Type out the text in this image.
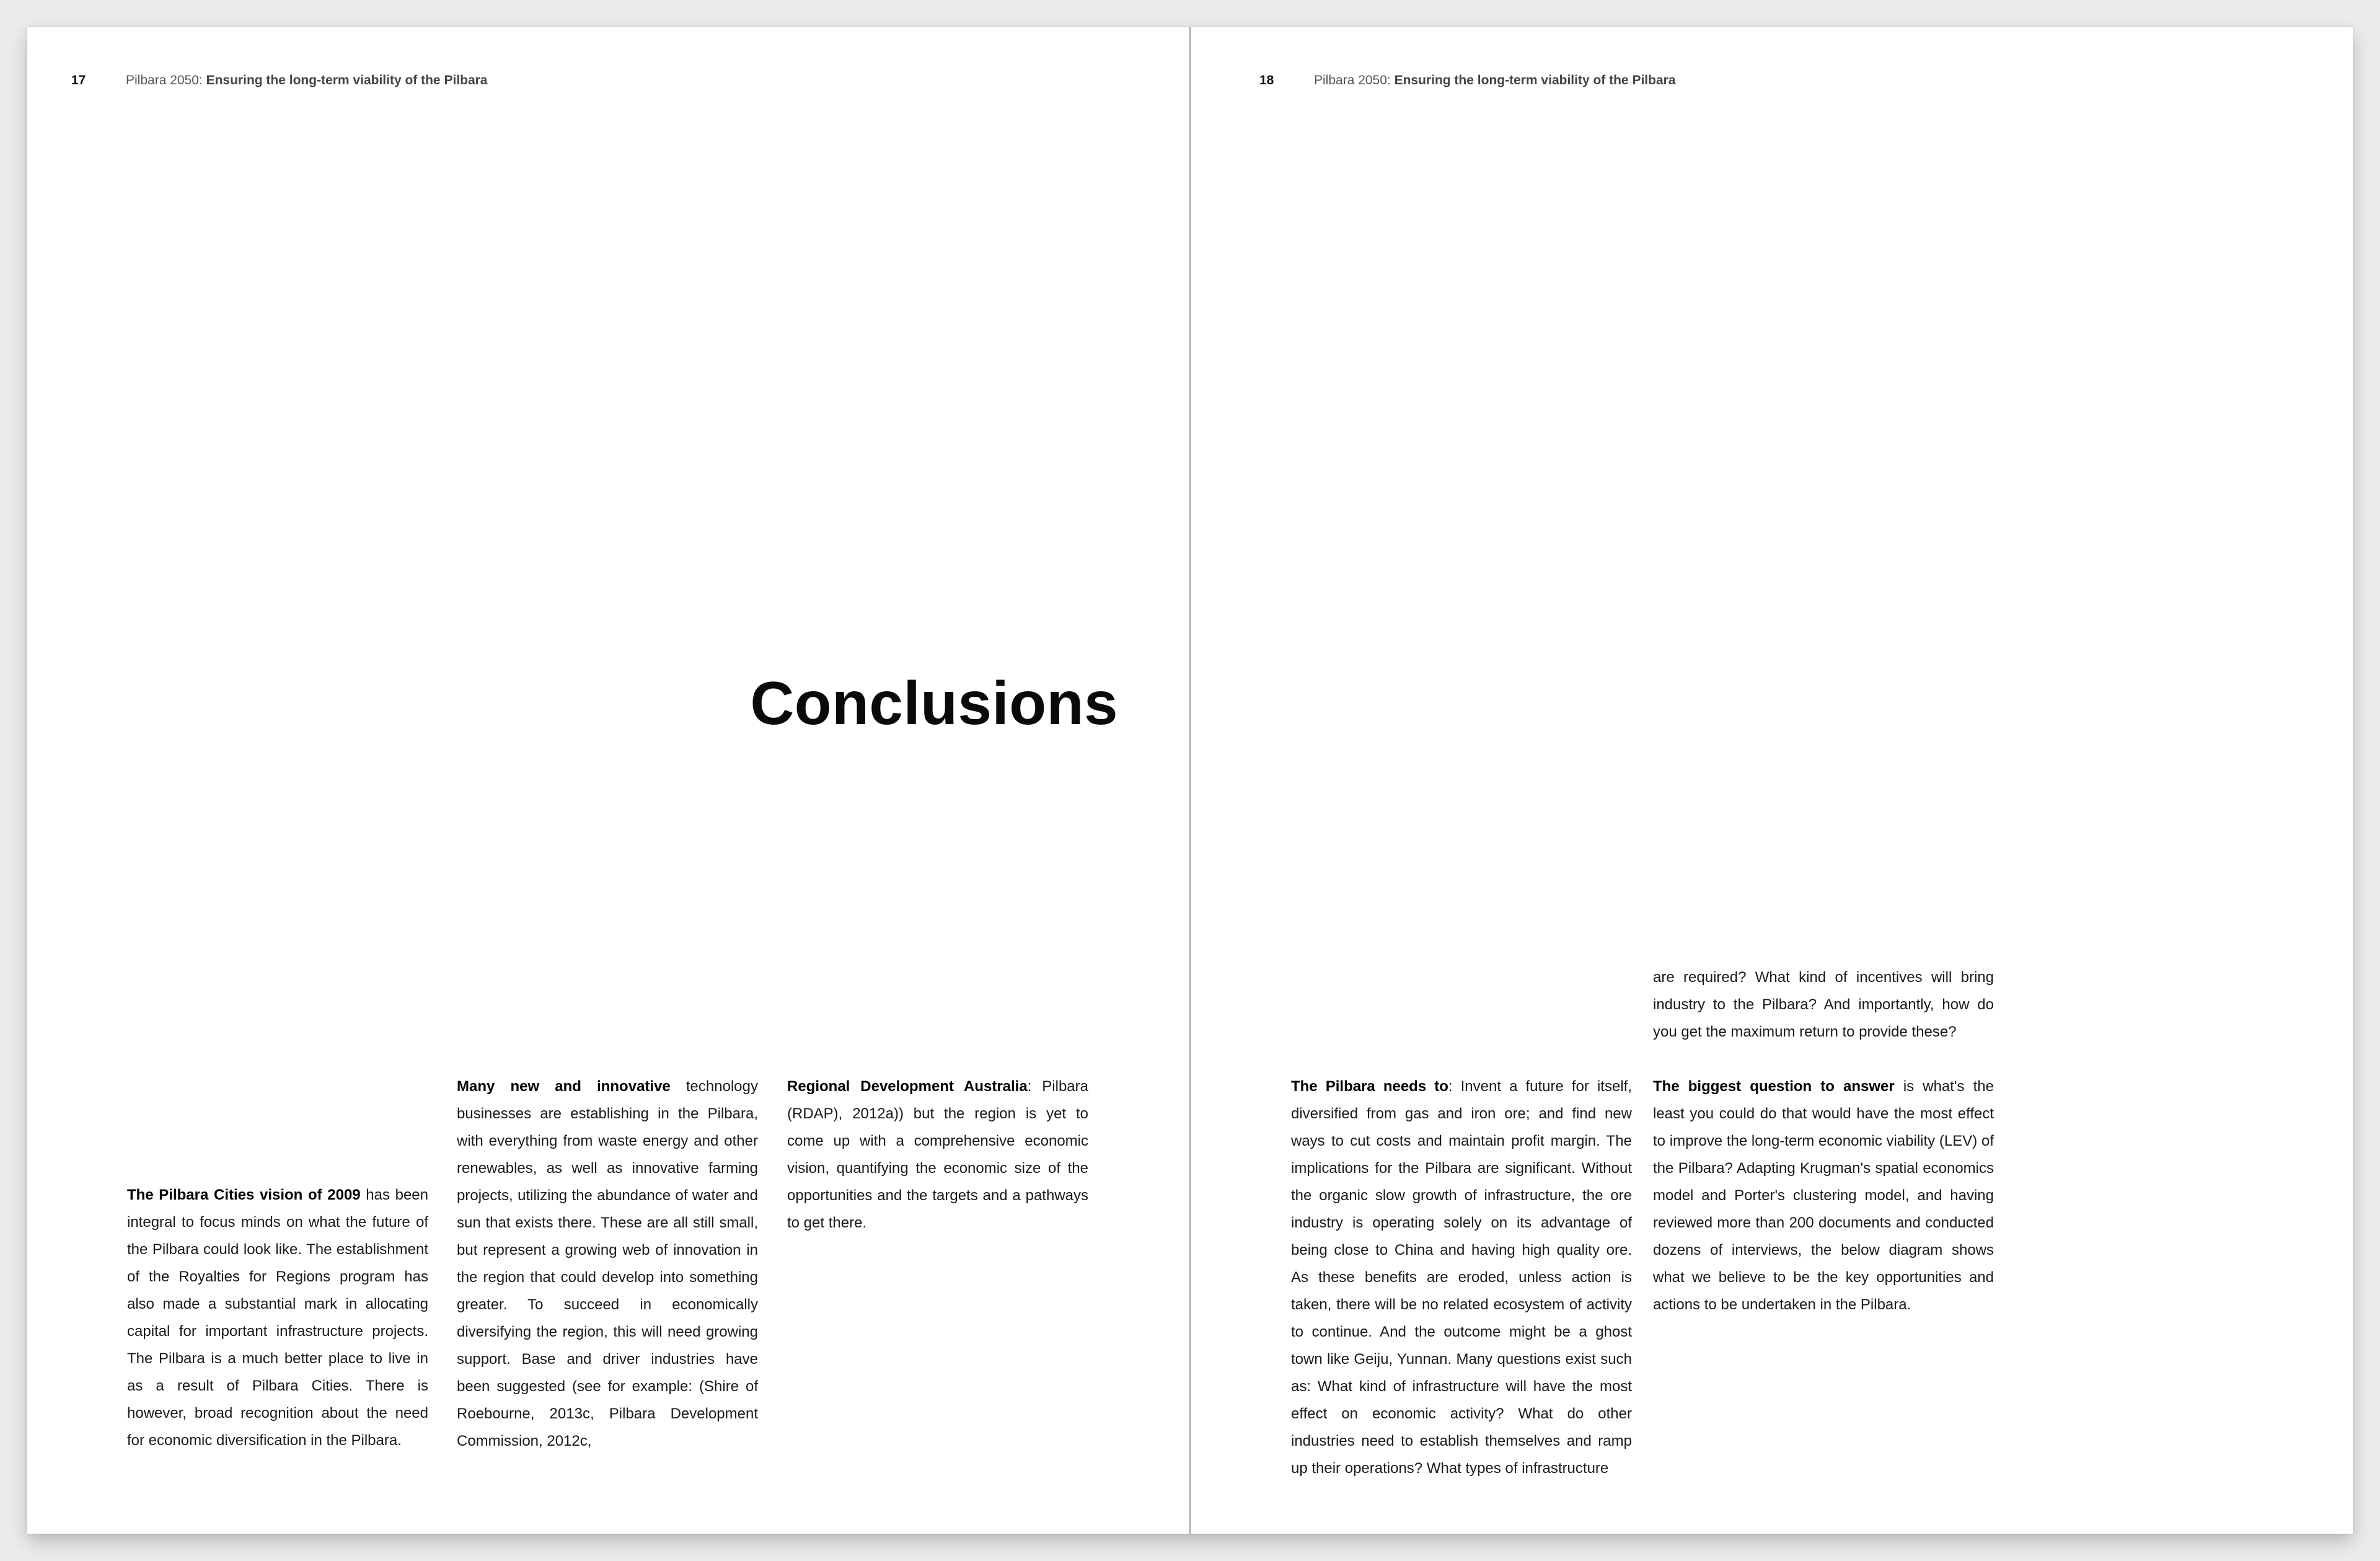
17	Pilbara 2050: Ensuring the long-term viability of the Pilbara
Conclusions

The Pilbara Cities vision of 2009 has been integral to focus minds on what the future of the Pilbara could look like. The establishment of the Royalties for Regions program has also made a substantial mark in allocating capital for important infrastructure projects. The Pilbara is a much better place to live in as a result of Pilbara Cities. There is however, broad recognition about the need for economic diversification in the Pilbara.

Many new and innovative technology businesses are establishing in the Pilbara, with everything from waste energy and other renewables, as well as innovative farming projects, utilizing the abundance of water and sun that exists there. These are all still small, but represent a growing web of innovation in the region that could develop into something greater. To succeed in economically diversifying the region, this will need growing support. Base and driver industries have been suggested (see for example: (Shire of Roebourne, 2013c, Pilbara Development Commission, 2012c,

Regional Development Australia: Pilbara (RDAP), 2012a)) but the region is yet to come up with a comprehensive economic vision, quantifying the economic size of the opportunities and the targets and a pathways to get there.

18	Pilbara 2050: Ensuring the long-term viability of the Pilbara

The Pilbara needs to: Invent a future for itself, diversified from gas and iron ore; and find new ways to cut costs and maintain profit margin. The implications for the Pilbara are significant. Without the organic slow growth of infrastructure, the ore industry is operating solely on its advantage of being close to China and having high quality ore. As these benefits are eroded, unless action is taken, there will be no related ecosystem of activity to continue. And the outcome might be a ghost town like Geiju, Yunnan. Many questions exist such as: What kind of infrastructure will have the most effect on economic activity? What do other industries need to establish themselves and ramp up their operations? What types of infrastructure

are required? What kind of incentives will bring industry to the Pilbara? And importantly, how do you get the maximum return to provide these?

The biggest question to answer is what's the least you could do that would have the most effect to improve the long-term economic viability (LEV) of the Pilbara? Adapting Krugman's spatial economics model and Porter's clustering model, and having reviewed more than 200 documents and conducted dozens of interviews, the below diagram shows what we believe to be the key opportunities and actions to be undertaken in the Pilbara.
